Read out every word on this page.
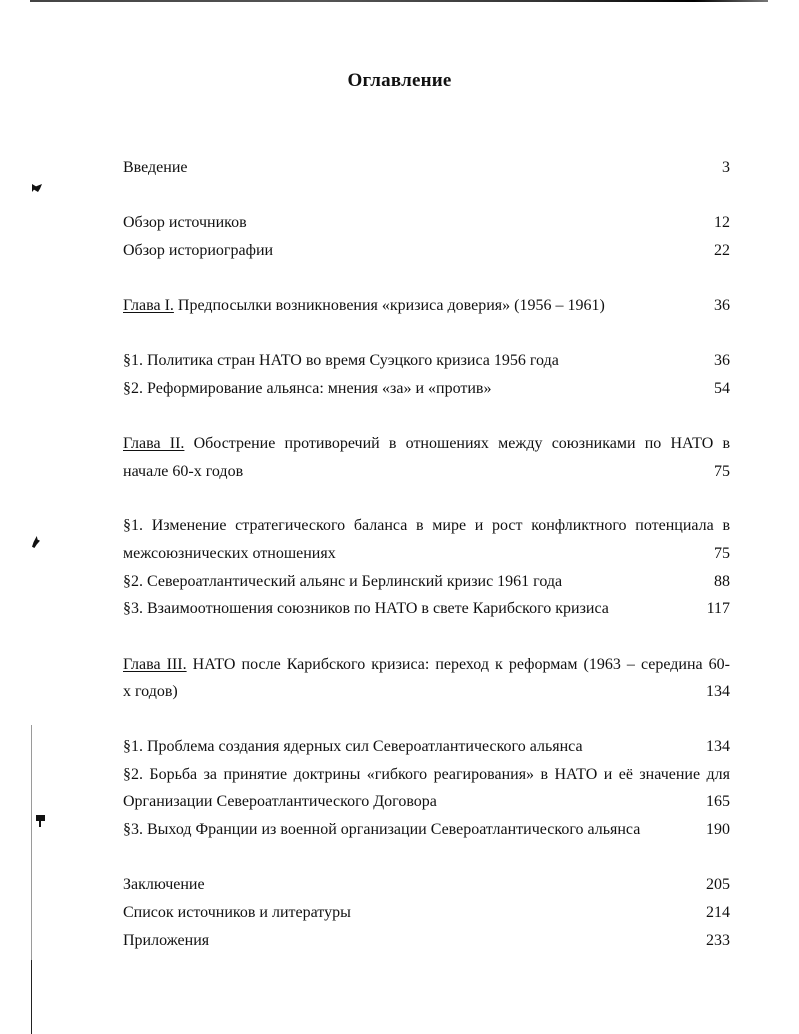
Оглавление
Введение	3
Обзор источников	12
Обзор историографии	22
Глава I. Предпосылки возникновения «кризиса доверия» (1956 – 1961)	36
§1. Политика стран НАТО во время Суэцкого кризиса 1956 года	36
§2. Реформирование альянса: мнения «за» и «против»	54
Глава II. Обострение противоречий в отношениях между союзниками по НАТО в
начале 60-х годов	75
§1. Изменение стратегического баланса в мире и рост конфликтного потенциала в
межсоюзнических отношениях	75
§2. Североатлантический альянс и Берлинский кризис 1961 года	88
§3. Взаимоотношения союзников по НАТО в свете Карибского кризиса	117
Глава III. НАТО после Карибского кризиса: переход к реформам (1963 – середина 60-
х годов)	134
§1. Проблема создания ядерных сил Североатлантического альянса	134
§2. Борьба за принятие доктрины «гибкого реагирования» в НАТО и её значение для
Организации Североатлантического Договора	165
§3. Выход Франции из военной организации Североатлантического альянса	190
Заключение	205
Список источников и литературы	214
Приложения	233
